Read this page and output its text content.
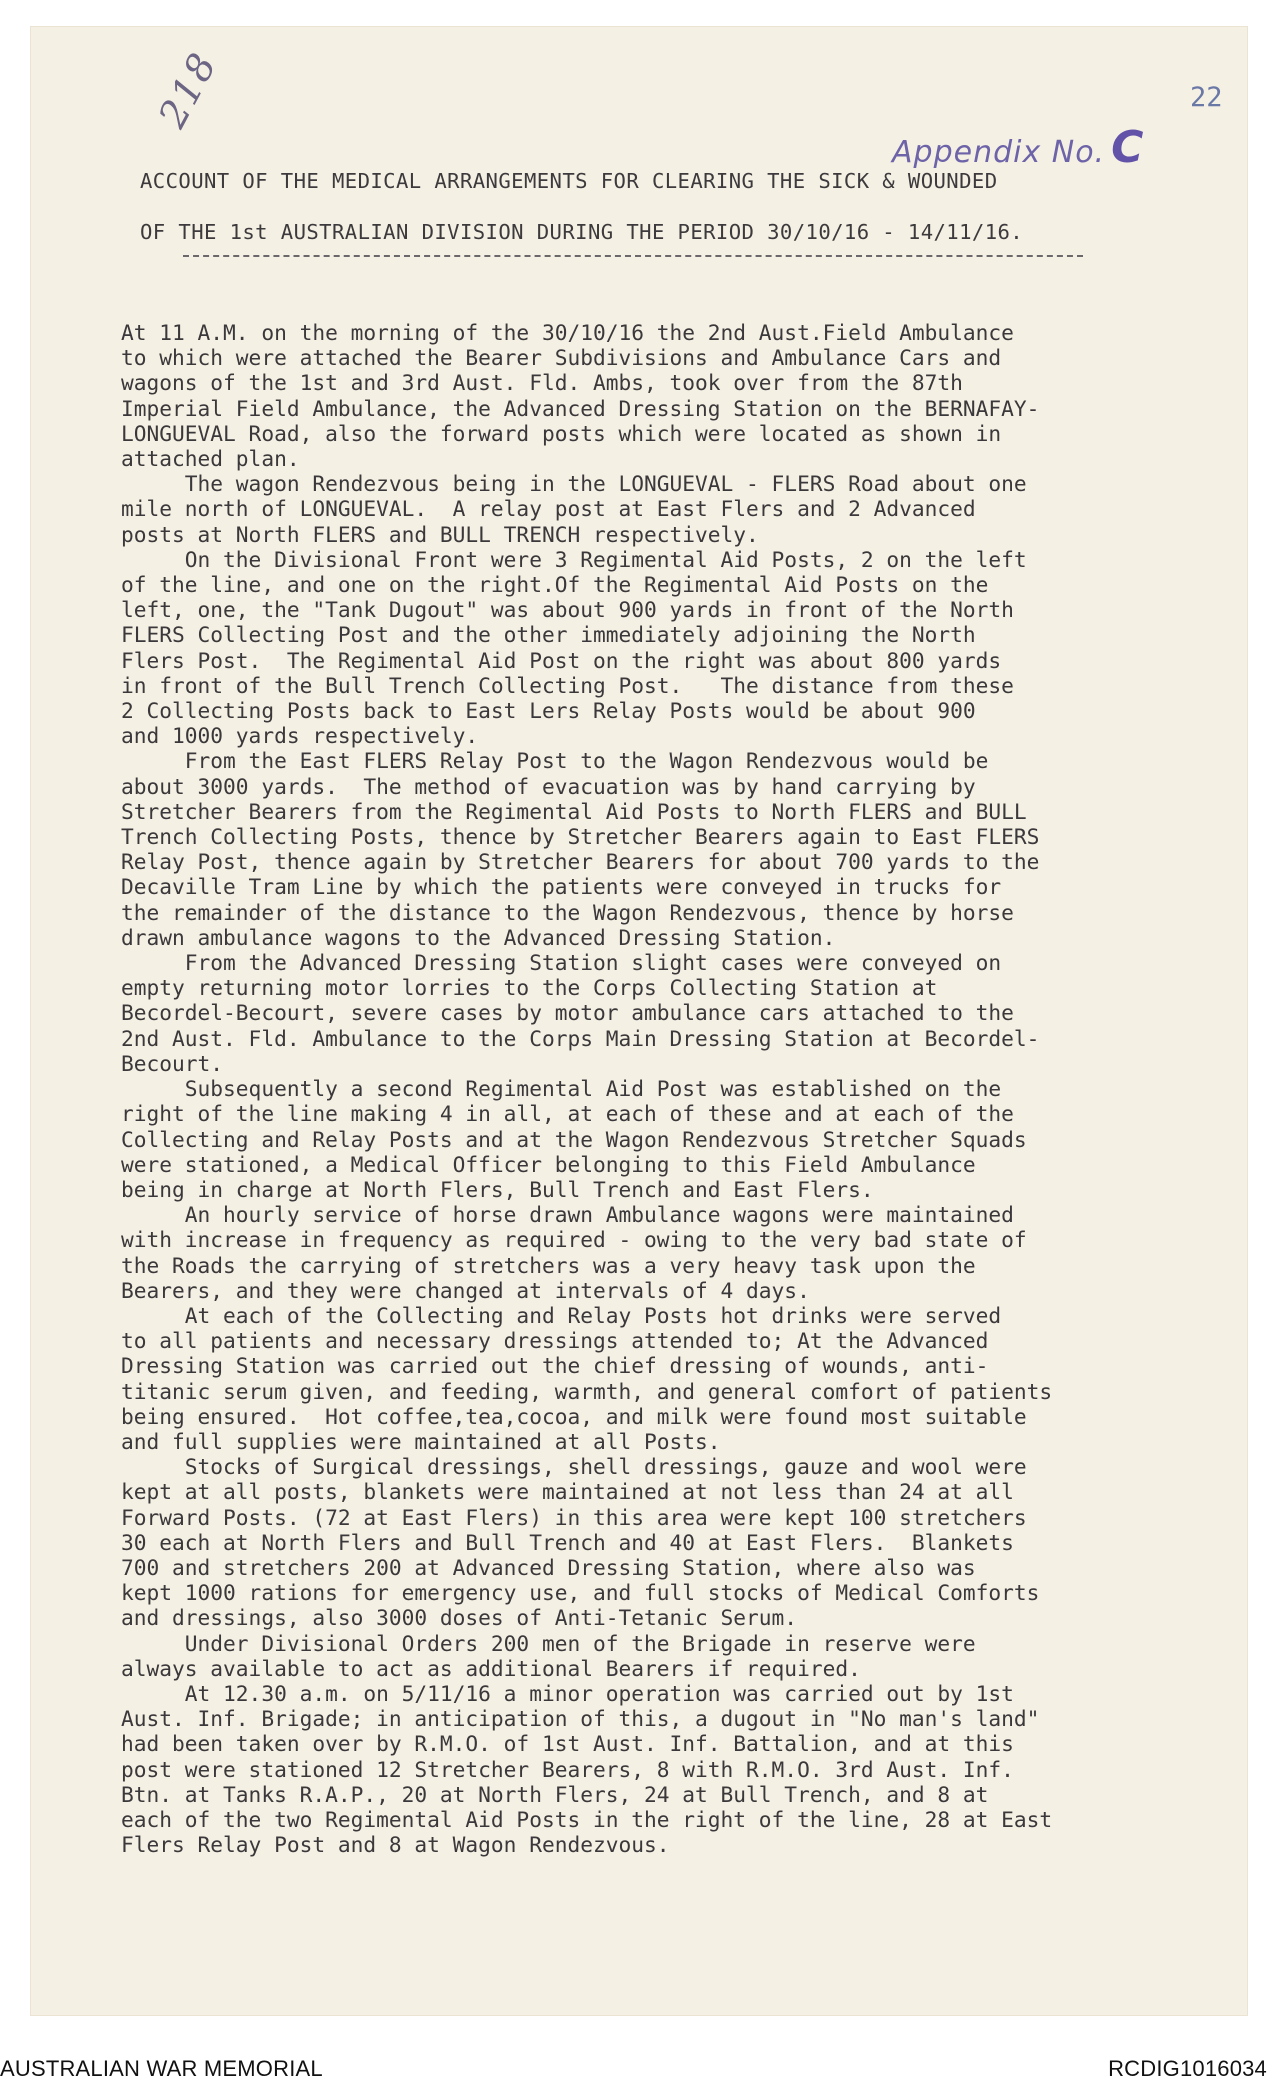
218	22
Appendix No. C
ACCOUNT OF THE MEDICAL ARRANGEMENTS FOR CLEARING THE SICK & WOUNDED
OF THE 1st AUSTRALIAN DIVISION DURING THE PERIOD 30/10/16 - 14/11/16.
At 11 A.M. on the morning of the 30/10/16 the 2nd Aust.Field Ambulance
to which were attached the Bearer Subdivisions and Ambulance Cars and
wagons of the 1st and 3rd Aust. Fld. Ambs, took over from the 87th
Imperial Field Ambulance, the Advanced Dressing Station on the BERNAFAY-
LONGUEVAL Road, also the forward posts which were located as shown in
attached plan.
The wagon Rendezvous being in the LONGUEVAL - FLERS Road about one
mile north of LONGUEVAL.  A relay post at East Flers and 2 Advanced
posts at North FLERS and BULL TRENCH respectively.
On the Divisional Front were 3 Regimental Aid Posts, 2 on the left
of the line, and one on the right.Of the Regimental Aid Posts on the
left, one, the "Tank Dugout" was about 900 yards in front of the North
FLERS Collecting Post and the other immediately adjoining the North
Flers Post.  The Regimental Aid Post on the right was about 800 yards
in front of the Bull Trench Collecting Post.   The distance from these
2 Collecting Posts back to East Lers Relay Posts would be about 900
and 1000 yards respectively.
From the East FLERS Relay Post to the Wagon Rendezvous would be
about 3000 yards.  The method of evacuation was by hand carrying by
Stretcher Bearers from the Regimental Aid Posts to North FLERS and BULL
Trench Collecting Posts, thence by Stretcher Bearers again to East FLERS
Relay Post, thence again by Stretcher Bearers for about 700 yards to the
Decaville Tram Line by which the patients were conveyed in trucks for
the remainder of the distance to the Wagon Rendezvous, thence by horse
drawn ambulance wagons to the Advanced Dressing Station.
From the Advanced Dressing Station slight cases were conveyed on
empty returning motor lorries to the Corps Collecting Station at
Becordel-Becourt, severe cases by motor ambulance cars attached to the
2nd Aust. Fld. Ambulance to the Corps Main Dressing Station at Becordel-
Becourt.
Subsequently a second Regimental Aid Post was established on the
right of the line making 4 in all, at each of these and at each of the
Collecting and Relay Posts and at the Wagon Rendezvous Stretcher Squads
were stationed, a Medical Officer belonging to this Field Ambulance
being in charge at North Flers, Bull Trench and East Flers.
An hourly service of horse drawn Ambulance wagons were maintained
with increase in frequency as required - owing to the very bad state of
the Roads the carrying of stretchers was a very heavy task upon the
Bearers, and they were changed at intervals of 4 days.
At each of the Collecting and Relay Posts hot drinks were served
to all patients and necessary dressings attended to; At the Advanced
Dressing Station was carried out the chief dressing of wounds, anti-
titanic serum given, and feeding, warmth, and general comfort of patients
being ensured.  Hot coffee,tea,cocoa, and milk were found most suitable
and full supplies were maintained at all Posts.
Stocks of Surgical dressings, shell dressings, gauze and wool were
kept at all posts, blankets were maintained at not less than 24 at all
Forward Posts. (72 at East Flers) in this area were kept 100 stretchers
30 each at North Flers and Bull Trench and 40 at East Flers.  Blankets
700 and stretchers 200 at Advanced Dressing Station, where also was
kept 1000 rations for emergency use, and full stocks of Medical Comforts
and dressings, also 3000 doses of Anti-Tetanic Serum.
Under Divisional Orders 200 men of the Brigade in reserve were
always available to act as additional Bearers if required.
At 12.30 a.m. on 5/11/16 a minor operation was carried out by 1st
Aust. Inf. Brigade; in anticipation of this, a dugout in "No man's land"
had been taken over by R.M.O. of 1st Aust. Inf. Battalion, and at this
post were stationed 12 Stretcher Bearers, 8 with R.M.O. 3rd Aust. Inf.
Btn. at Tanks R.A.P., 20 at North Flers, 24 at Bull Trench, and 8 at
each of the two Regimental Aid Posts in the right of the line, 28 at East
Flers Relay Post and 8 at Wagon Rendezvous.
AUSTRALIAN WAR MEMORIAL	RCDIG1016034
